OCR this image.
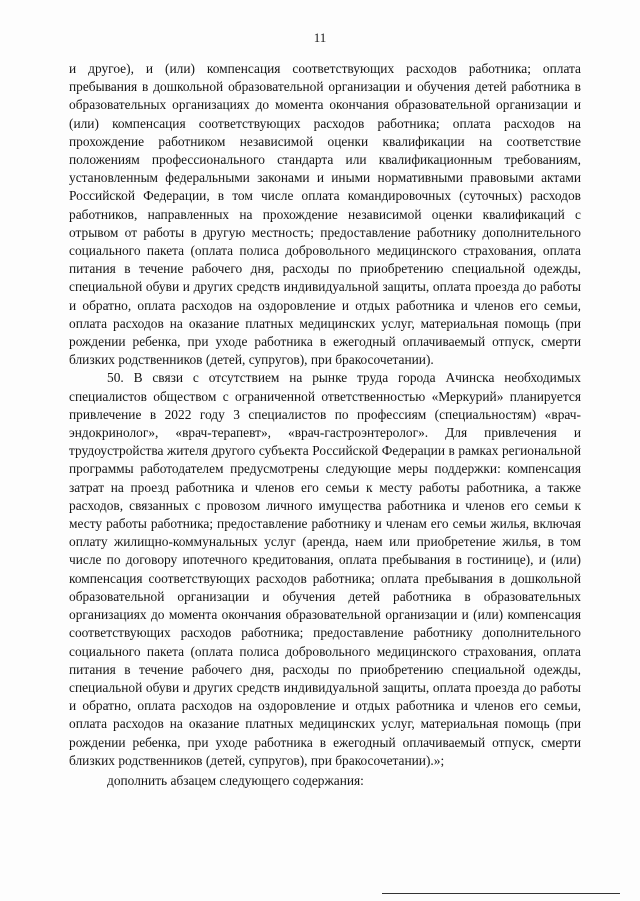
11

и другое), и (или) компенсация соответствующих расходов работника; оплата пребывания в дошкольной образовательной организации и обучения детей работника в образовательных организациях до момента окончания образовательной организации и (или) компенсация соответствующих расходов работника; оплата расходов на прохождение работником независимой оценки квалификации на соответствие положениям профессионального стандарта или квалификационным требованиям, установленным федеральными законами и иными нормативными правовыми актами Российской Федерации, в том числе оплата командировочных (суточных) расходов работников, направленных на прохождение независимой оценки квалификаций с отрывом от работы в другую местность; предоставление работнику дополнительного социального пакета (оплата полиса добровольного медицинского страхования, оплата питания в течение рабочего дня, расходы по приобретению специальной одежды, специальной обуви и других средств индивидуальной защиты, оплата проезда до работы и обратно, оплата расходов на оздоровление и отдых работника и членов его семьи, оплата расходов на оказание платных медицинских услуг, материальная помощь (при рождении ребенка, при уходе работника в ежегодный оплачиваемый отпуск, смерти близких родственников (детей, супругов), при бракосочетании).

50. В связи с отсутствием на рынке труда города Ачинска необходимых специалистов обществом с ограниченной ответственностью «Меркурий» планируется привлечение в 2022 году 3 специалистов по профессиям (специальностям) «врач-эндокринолог», «врач-терапевт», «врач-гастроэнтеролог». Для привлечения и трудоустройства жителя другого субъекта Российской Федерации в рамках региональной программы работодателем предусмотрены следующие меры поддержки: компенсация затрат на проезд работника и членов его семьи к месту работы работника, а также расходов, связанных с провозом личного имущества работника и членов его семьи к месту работы работника; предоставление работнику и членам его семьи жилья, включая оплату жилищно-коммунальных услуг (аренда, наем или приобретение жилья, в том числе по договору ипотечного кредитования, оплата пребывания в гостинице), и (или) компенсация соответствующих расходов работника; оплата пребывания в дошкольной образовательной организации и обучения детей работника в образовательных организациях до момента окончания образовательной организации и (или) компенсация соответствующих расходов работника; предоставление работнику дополнительного социального пакета (оплата полиса добровольного медицинского страхования, оплата питания в течение рабочего дня, расходы по приобретению специальной одежды, специальной обуви и других средств индивидуальной защиты, оплата проезда до работы и обратно, оплата расходов на оздоровление и отдых работника и членов его семьи, оплата расходов на оказание платных медицинских услуг, материальная помощь (при рождении ребенка, при уходе работника в ежегодный оплачиваемый отпуск, смерти близких родственников (детей, супругов), при бракосочетании).»;

дополнить абзацем следующего содержания:
